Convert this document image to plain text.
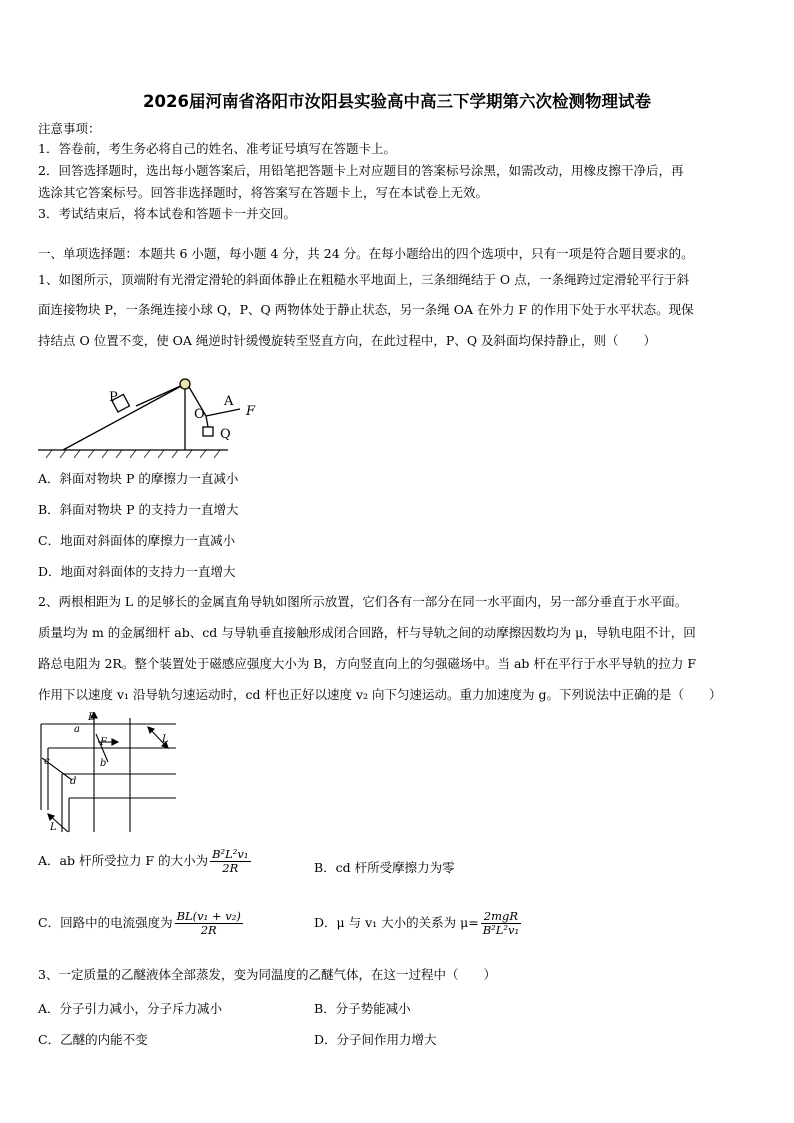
2026届河南省洛阳市汝阳县实验高中高三下学期第六次检测物理试卷
注意事项：
1．答卷前，考生务必将自己的姓名、准考证号填写在答题卡上。
2．回答选择题时，选出每小题答案后，用铅笔把答题卡上对应题目的答案标号涂黑，如需改动，用橡皮擦干净后，再
选涂其它答案标号。回答非选择题时，将答案写在答题卡上，写在本试卷上无效。
3．考试结束后，将本试卷和答题卡一并交回。
一、单项选择题：本题共 6 小题，每小题 4 分，共 24 分。在每小题给出的四个选项中，只有一项是符合题目要求的。
1、如图所示，顶端附有光滑定滑轮的斜面体静止在粗糙水平地面上，三条细绳结于 O 点，一条绳跨过定滑轮平行于斜
面连接物块 P，一条绳连接小球 Q，P、Q 两物体处于静止状态，另一条绳 OA 在外力 F 的作用下处于水平状态。现保
持结点 O 位置不变，使 OA 绳逆时针缓慢旋转至竖直方向，在此过程中，P、Q 及斜面均保持静止，则（　　）
P
O
A
F
Q
A．斜面对物块 P 的摩擦力一直减小
B．斜面对物块 P 的支持力一直增大
C．地面对斜面体的摩擦力一直减小
D．地面对斜面体的支持力一直增大
2、两根相距为 L 的足够长的金属直角导轨如图所示放置，它们各有一部分在同一水平面内，另一部分垂直于水平面。
质量均为 m 的金属细杆 ab、cd 与导轨垂直接触形成闭合回路，杆与导轨之间的动摩擦因数均为 μ，导轨电阻不计，回
路总电阻为 2R。整个装置处于磁感应强度大小为 B，方向竖直向上的匀强磁场中。当 ab 杆在平行于水平导轨的拉力 F
作用下以速度 v₁ 沿导轨匀速运动时，cd 杆也正好以速度 v₂ 向下匀速运动。重力加速度为 g。下列说法中正确的是（　　）
B
a
b
c
d
F	L
L
A．ab 杆所受拉力 F 的大小为 $\frac{\text{B²L²v₁}}{2R}$	B．cd 杆所受摩擦力为零
C．回路中的电流强度为 $\frac{\text{BL(v₁ + v₂)}}{2R}$	D．μ 与 v₁ 大小的关系为 $\mu= \frac{\text{2mgR}}{\text{B²L²v₁}}$
3、一定质量的乙醚液体全部蒸发，变为同温度的乙醚气体，在这一过程中（　　）
A．分子引力减小，分子斥力减小	B．分子势能减小
C．乙醚的内能不变	D．分子间作用力增大
